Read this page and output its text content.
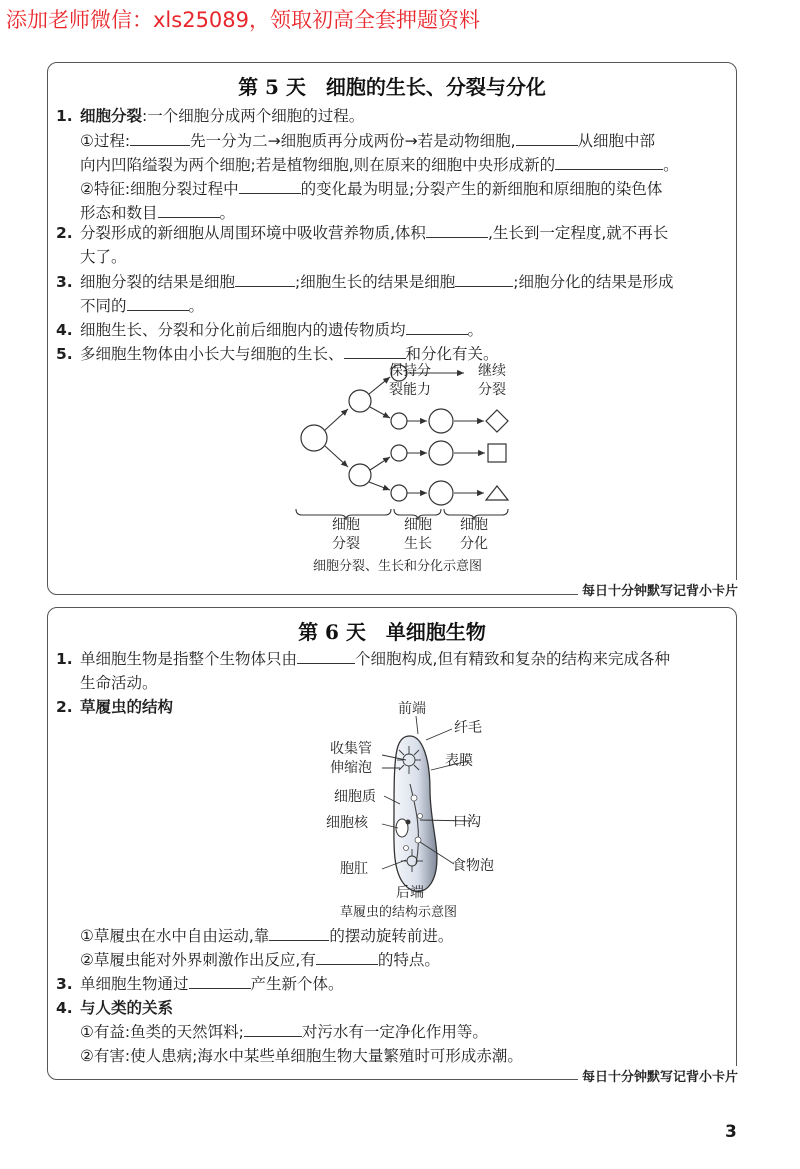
添加老师微信：xls25089，领取初高全套押题资料
第 5 天　细胞的生长、分裂与分化
1. 细胞分裂:一个细胞分成两个细胞的过程。
①过程:	先一分为二→细胞质再分成两份→若是动物细胞,	从细胞中部
向内凹陷缢裂为两个细胞;若是植物细胞,则在原来的细胞中央形成新的	。
②特征:细胞分裂过程中	的变化最为明显;分裂产生的新细胞和原细胞的染色体
形态和数目	。
2. 分裂形成的新细胞从周围环境中吸收营养物质,体积	,生长到一定程度,就不再长
大了。
3. 细胞分裂的结果是细胞	;细胞生长的结果是细胞	;细胞分化的结果是形成
不同的	。
4. 细胞生长、分裂和分化前后细胞内的遗传物质均	。
5. 多细胞生物体由小长大与细胞的生长、	和分化有关。
保持分
裂能力
继续
分裂
细胞
分裂
细胞
生长
细胞
分化
细胞分裂、生长和分化示意图
每日十分钟默写记背小卡片
第 6 天　单细胞生物
1. 单细胞生物是指整个生物体只由	个细胞构成,但有精致和复杂的结构来完成各种
生命活动。
2. 草履虫的结构	前端
纤毛
收集管
伸缩泡	表膜
细胞质
口沟
细胞核
食物泡
胞肛
后端
草履虫的结构示意图
①草履虫在水中自由运动,靠	的摆动旋转前进。
②草履虫能对外界刺激作出反应,有	的特点。
3. 单细胞生物通过	产生新个体。
4. 与人类的关系
①有益:鱼类的天然饵料;	对污水有一定净化作用等。
②有害:使人患病;海水中某些单细胞生物大量繁殖时可形成赤潮。
每日十分钟默写记背小卡片
3
